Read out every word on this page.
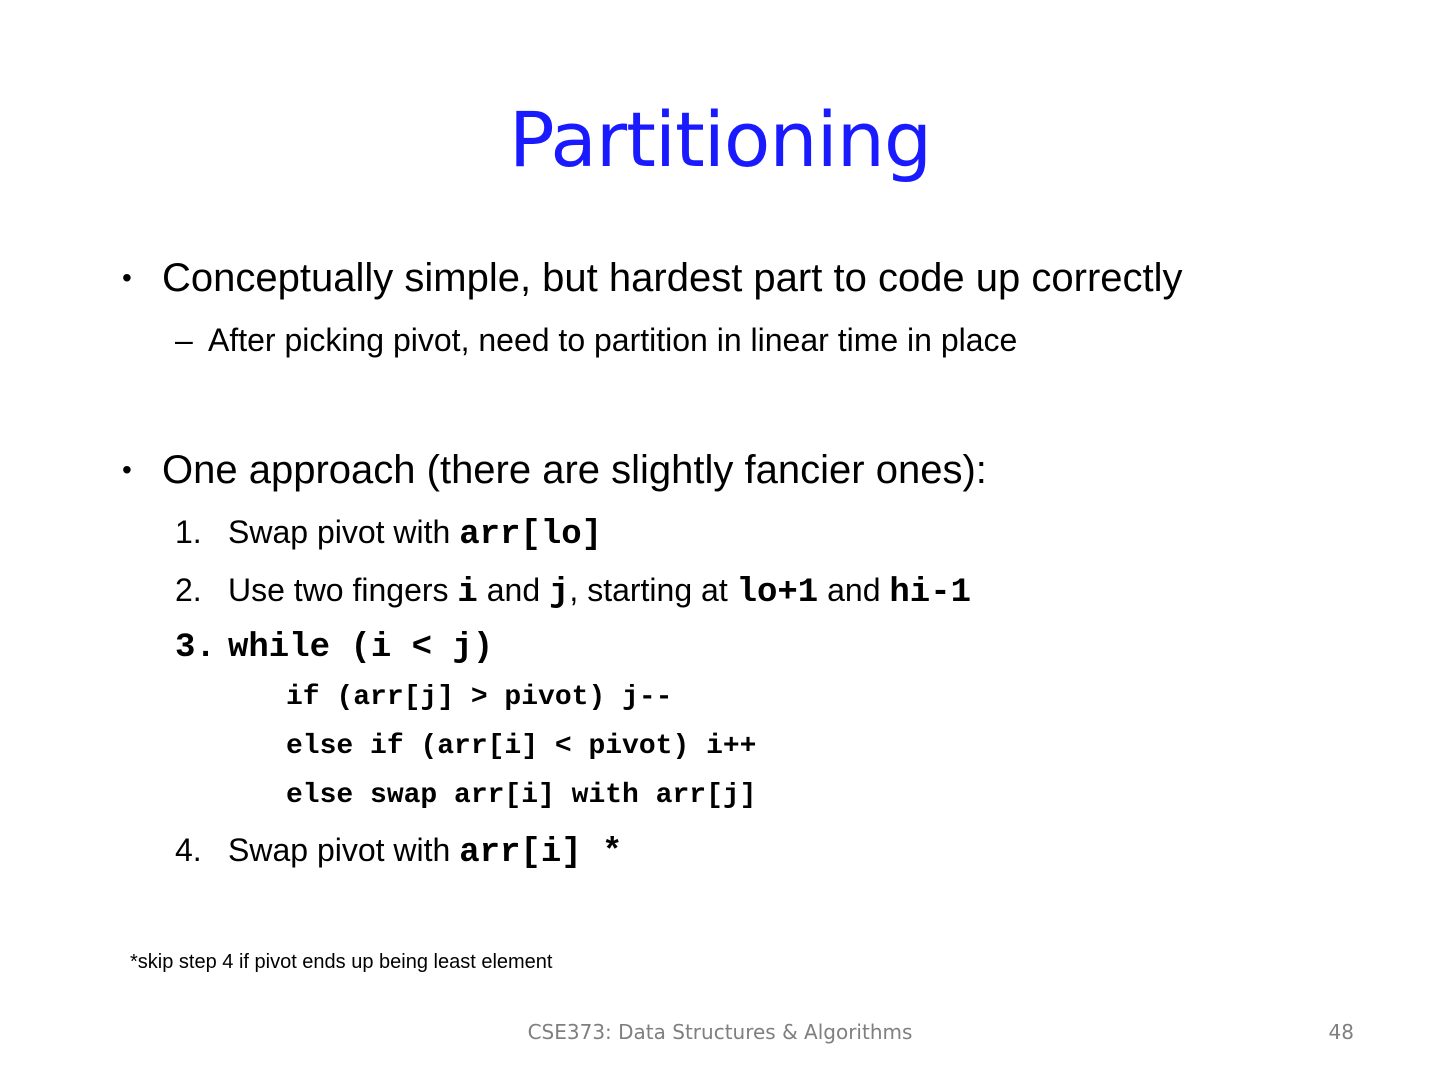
Partitioning
• Conceptually simple, but hardest part to code up correctly
– After picking pivot, need to partition in linear time in place
• One approach (there are slightly fancier ones):
1. Swap pivot with arr[lo]
2. Use two fingers i and j, starting at lo+1 and hi-1
3. while (i < j)
if (arr[j] > pivot) j--
else if (arr[i] < pivot) i++
else swap arr[i] with arr[j]
4. Swap pivot with arr[i] *
*skip step 4 if pivot ends up being least element
CSE373: Data Structures & Algorithms	48
